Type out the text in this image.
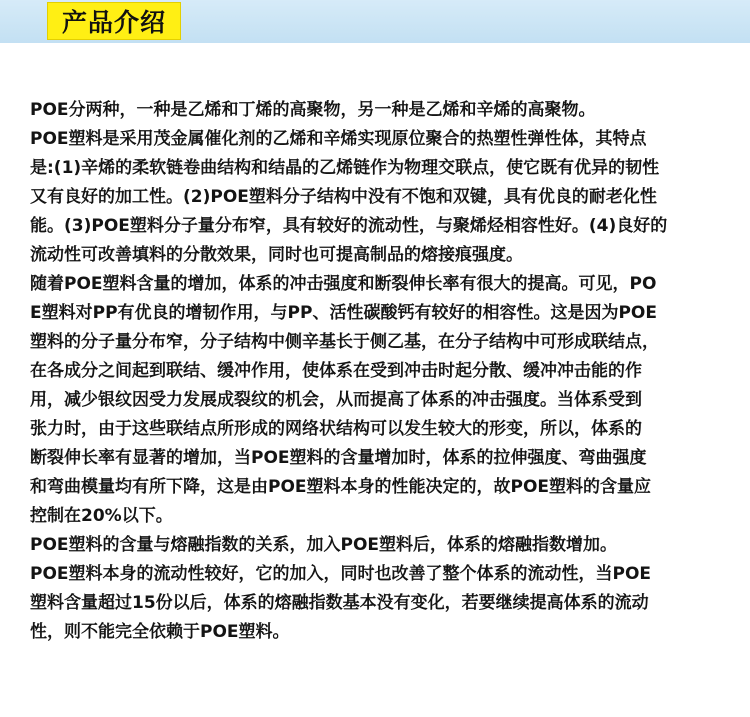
产品介绍
POE分两种，一种是乙烯和丁烯的高聚物，另一种是乙烯和辛烯的高聚物。
POE塑料是采用茂金属催化剂的乙烯和辛烯实现原位聚合的热塑性弹性体，其特点
是:(1)辛烯的柔软链卷曲结构和结晶的乙烯链作为物理交联点，使它既有优异的韧性
又有良好的加工性。(2)POE塑料分子结构中没有不饱和双键，具有优良的耐老化性
能。(3)POE塑料分子量分布窄，具有较好的流动性，与聚烯烃相容性好。(4)良好的
流动性可改善填料的分散效果，同时也可提高制品的熔接痕强度。
随着POE塑料含量的增加，体系的冲击强度和断裂伸长率有很大的提高。可见，PO
E塑料对PP有优良的增韧作用，与PP、活性碳酸钙有较好的相容性。这是因为POE
塑料的分子量分布窄，分子结构中侧辛基长于侧乙基，在分子结构中可形成联结点，
在各成分之间起到联结、缓冲作用，使体系在受到冲击时起分散、缓冲冲击能的作
用，减少银纹因受力发展成裂纹的机会，从而提高了体系的冲击强度。当体系受到
张力时，由于这些联结点所形成的网络状结构可以发生较大的形变，所以，体系的
断裂伸长率有显著的增加，当POE塑料的含量增加时，体系的拉伸强度、弯曲强度
和弯曲模量均有所下降，这是由POE塑料本身的性能决定的，故POE塑料的含量应
控制在20%以下。
POE塑料的含量与熔融指数的关系，加入POE塑料后，体系的熔融指数增加。
POE塑料本身的流动性较好，它的加入，同时也改善了整个体系的流动性，当POE
塑料含量超过15份以后，体系的熔融指数基本没有变化，若要继续提高体系的流动
性，则不能完全依赖于POE塑料。
